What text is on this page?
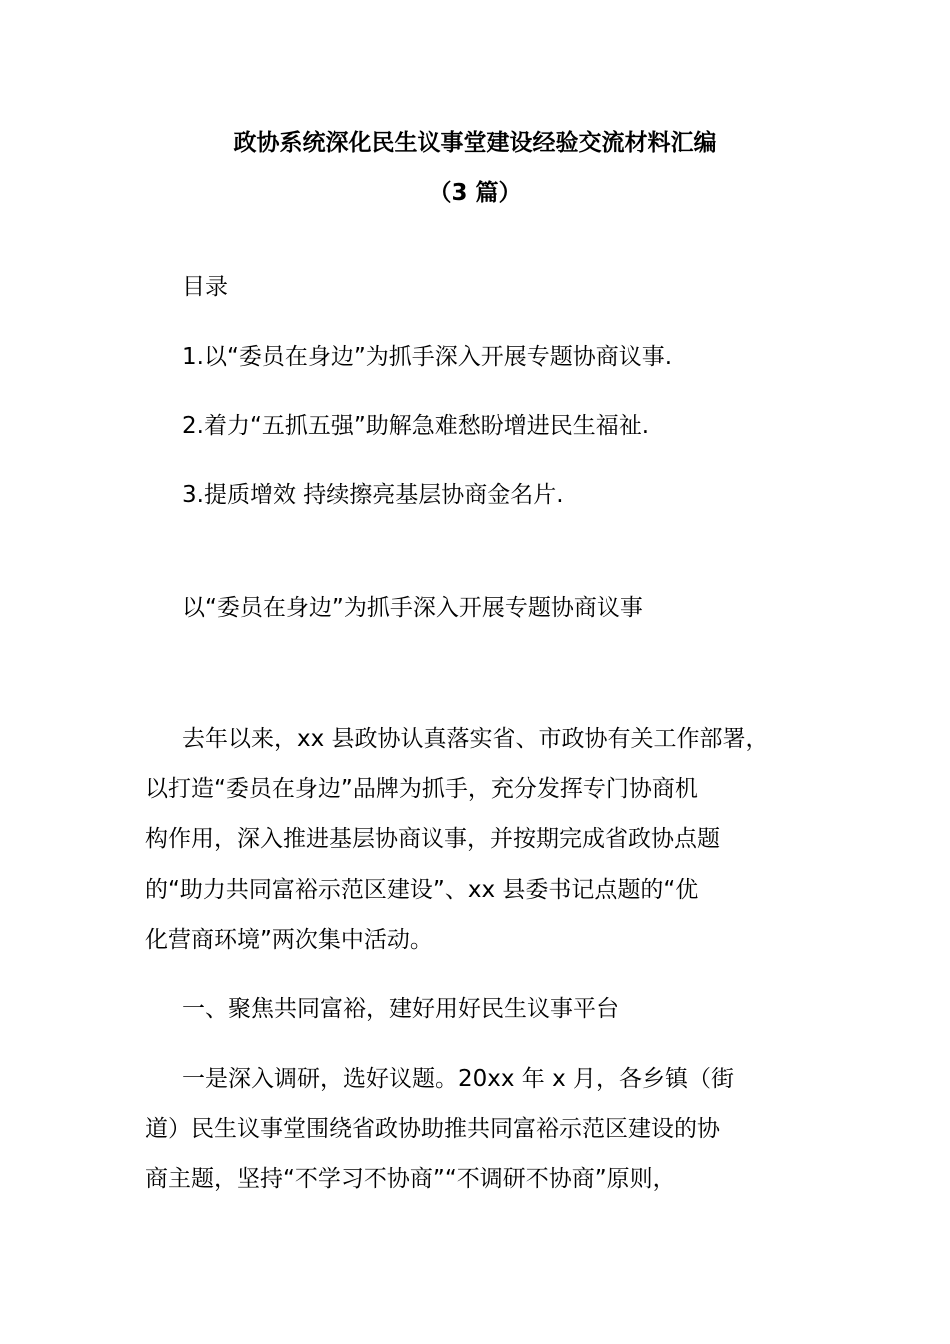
政协系统深化民生议事堂建设经验交流材料汇编
（3 篇）
目录
1.以“委员在身边”为抓手深入开展专题协商议事.
2.着力“五抓五强”助解急难愁盼增进民生福祉.
3.提质增效 持续擦亮基层协商金名片.
以“委员在身边”为抓手深入开展专题协商议事
去年以来，xx 县政协认真落实省、市政协有关工作部署，
以打造“委员在身边”品牌为抓手，充分发挥专门协商机
构作用，深入推进基层协商议事，并按期完成省政协点题
的“助力共同富裕示范区建设”、xx 县委书记点题的“优
化营商环境”两次集中活动。
一、聚焦共同富裕，建好用好民生议事平台
一是深入调研，选好议题。20xx 年 x 月，各乡镇（街
道）民生议事堂围绕省政协助推共同富裕示范区建设的协
商主题，坚持“不学习不协商”“不调研不协商”原则，
